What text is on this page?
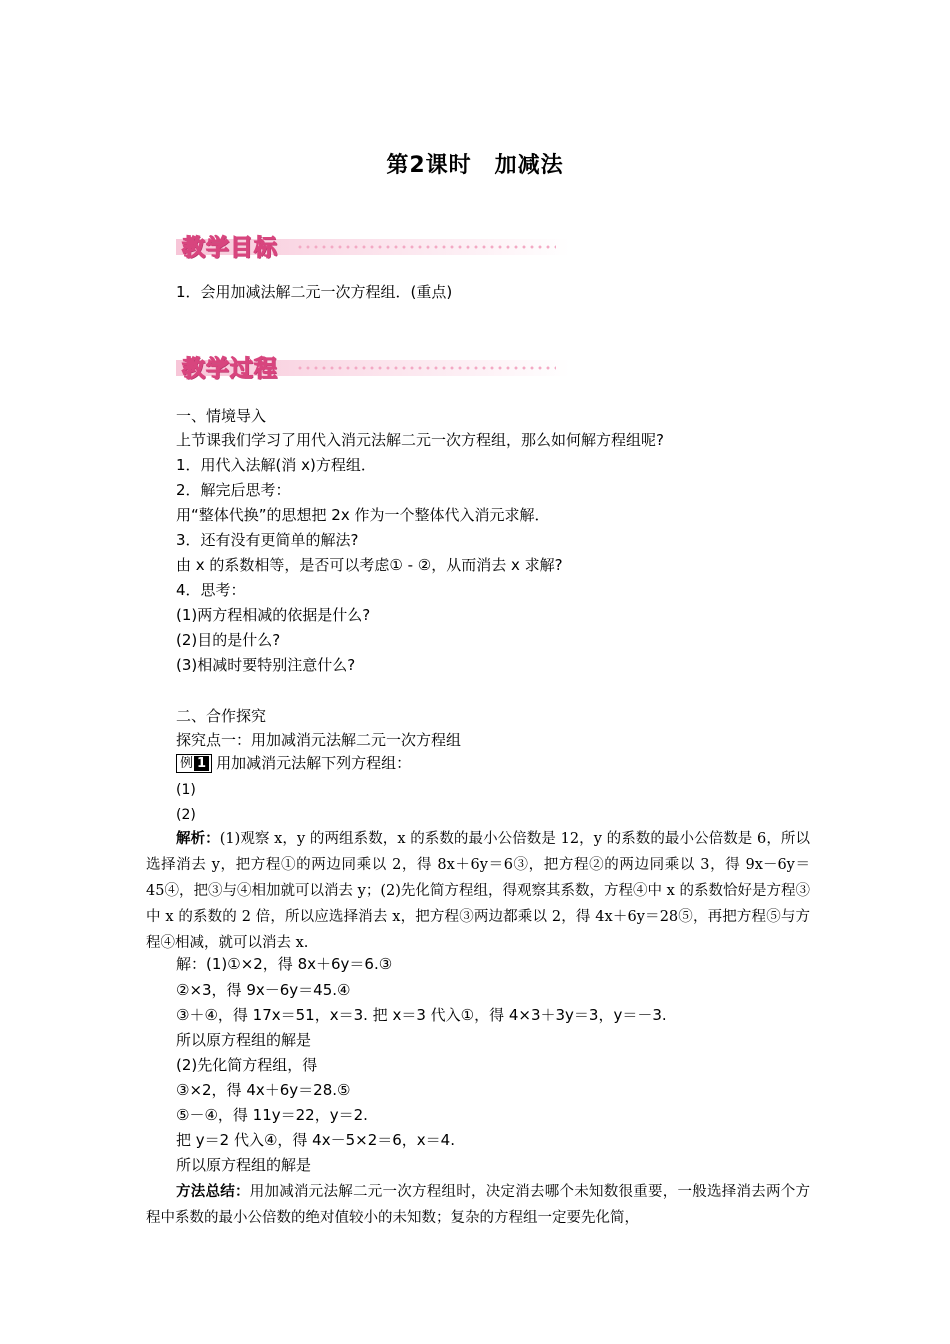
第2课时　加减法
教学目标
1．会用加减法解二元一次方程组．(重点)
教学过程
一、情境导入
上节课我们学习了用代入消元法解二元一次方程组，那么如何解方程组呢?
1．用代入法解(消 x)方程组．
2．解完后思考：
用“整体代换”的思想把 2x 作为一个整体代入消元求解．
3．还有没有更简单的解法?
由 x 的系数相等，是否可以考虑① - ②，从而消去 x 求解?
4．思考：
(1)两方程相减的依据是什么?
(2)目的是什么?
(3)相减时要特别注意什么?
二、合作探究
探究点一：用加减消元法解二元一次方程组
例 1 用加减消元法解下列方程组：
(1)
(2)
解析：(1)观察 x，y 的两组系数，x 的系数的最小公倍数是 12，y 的系数的最小公倍数是 6，所以选择消去 y，把方程①的两边同乘以 2，得 8x＋6y＝6③，把方程②的两边同乘以 3，得 9x－6y＝45④，把③与④相加就可以消去 y；(2)先化简方程组，得观察其系数，方程④中 x 的系数恰好是方程③中 x 的系数的 2 倍，所以应选择消去 x，把方程③两边都乘以 2，得 4x＋6y＝28⑤，再把方程⑤与方程④相减，就可以消去 x.
解：(1)①×2，得 8x＋6y＝6.③
②×3，得 9x－6y＝45.④
③＋④，得 17x＝51，x＝3. 把 x＝3 代入①，得 4×3＋3y＝3，y＝－3.
所以原方程组的解是
(2)先化简方程组，得
③×2，得 4x＋6y＝28.⑤
⑤－④，得 11y＝22，y＝2.
把 y＝2 代入④，得 4x－5×2＝6，x＝4.
所以原方程组的解是
方法总结：用加减消元法解二元一次方程组时，决定消去哪个未知数很重要，一般选择消去两个方程中系数的最小公倍数的绝对值较小的未知数；复杂的方程组一定要先化简，
